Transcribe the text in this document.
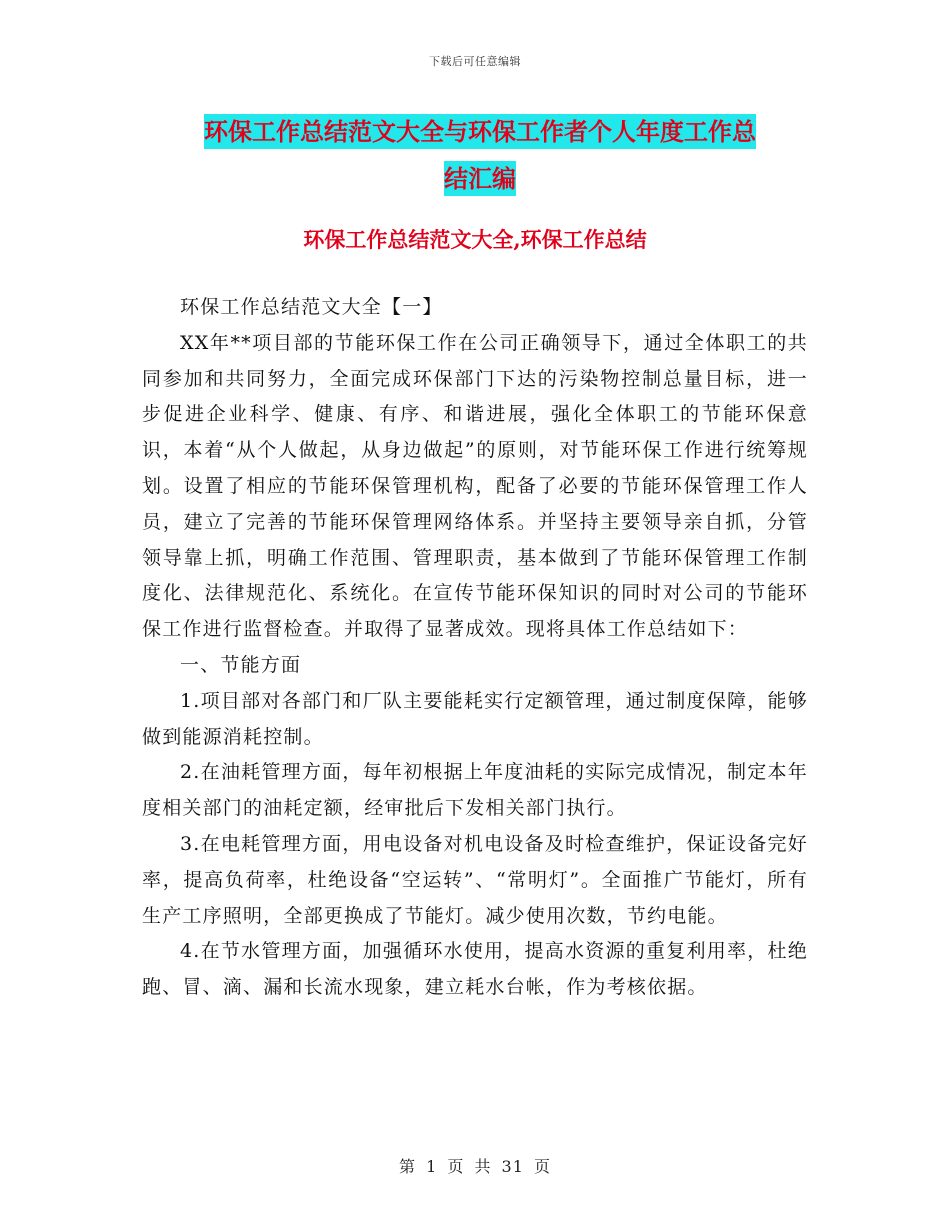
下载后可任意编辑
环保工作总结范文大全与环保工作者个人年度工作总
结汇编
环保工作总结范文大全,环保工作总结

环保工作总结范文大全【一】

XX年**项目部的节能环保工作在公司正确领导下，通过全体职工的共同参加和共同努力，全面完成环保部门下达的污染物控制总量目标，进一步促进企业科学、健康、有序、和谐进展，强化全体职工的节能环保意识，本着“从个人做起，从身边做起”的原则，对节能环保工作进行统筹规划。设置了相应的节能环保管理机构，配备了必要的节能环保管理工作人员，建立了完善的节能环保管理网络体系。并坚持主要领导亲自抓，分管领导靠上抓，明确工作范围、管理职责，基本做到了节能环保管理工作制度化、法律规范化、系统化。在宣传节能环保知识的同时对公司的节能环保工作进行监督检查。并取得了显著成效。现将具体工作总结如下：

一、节能方面

1.项目部对各部门和厂队主要能耗实行定额管理，通过制度保障，能够做到能源消耗控制。

2.在油耗管理方面，每年初根据上年度油耗的实际完成情况，制定本年度相关部门的油耗定额，经审批后下发相关部门执行。

3.在电耗管理方面，用电设备对机电设备及时检查维护，保证设备完好率，提高负荷率，杜绝设备“空运转”、“常明灯”。全面推广节能灯，所有生产工序照明，全部更换成了节能灯。减少使用次数，节约电能。

4.在节水管理方面，加强循环水使用，提高水资源的重复利用率，杜绝跑、冒、滴、漏和长流水现象，建立耗水台帐，作为考核依据。

第 1 页 共 31 页
